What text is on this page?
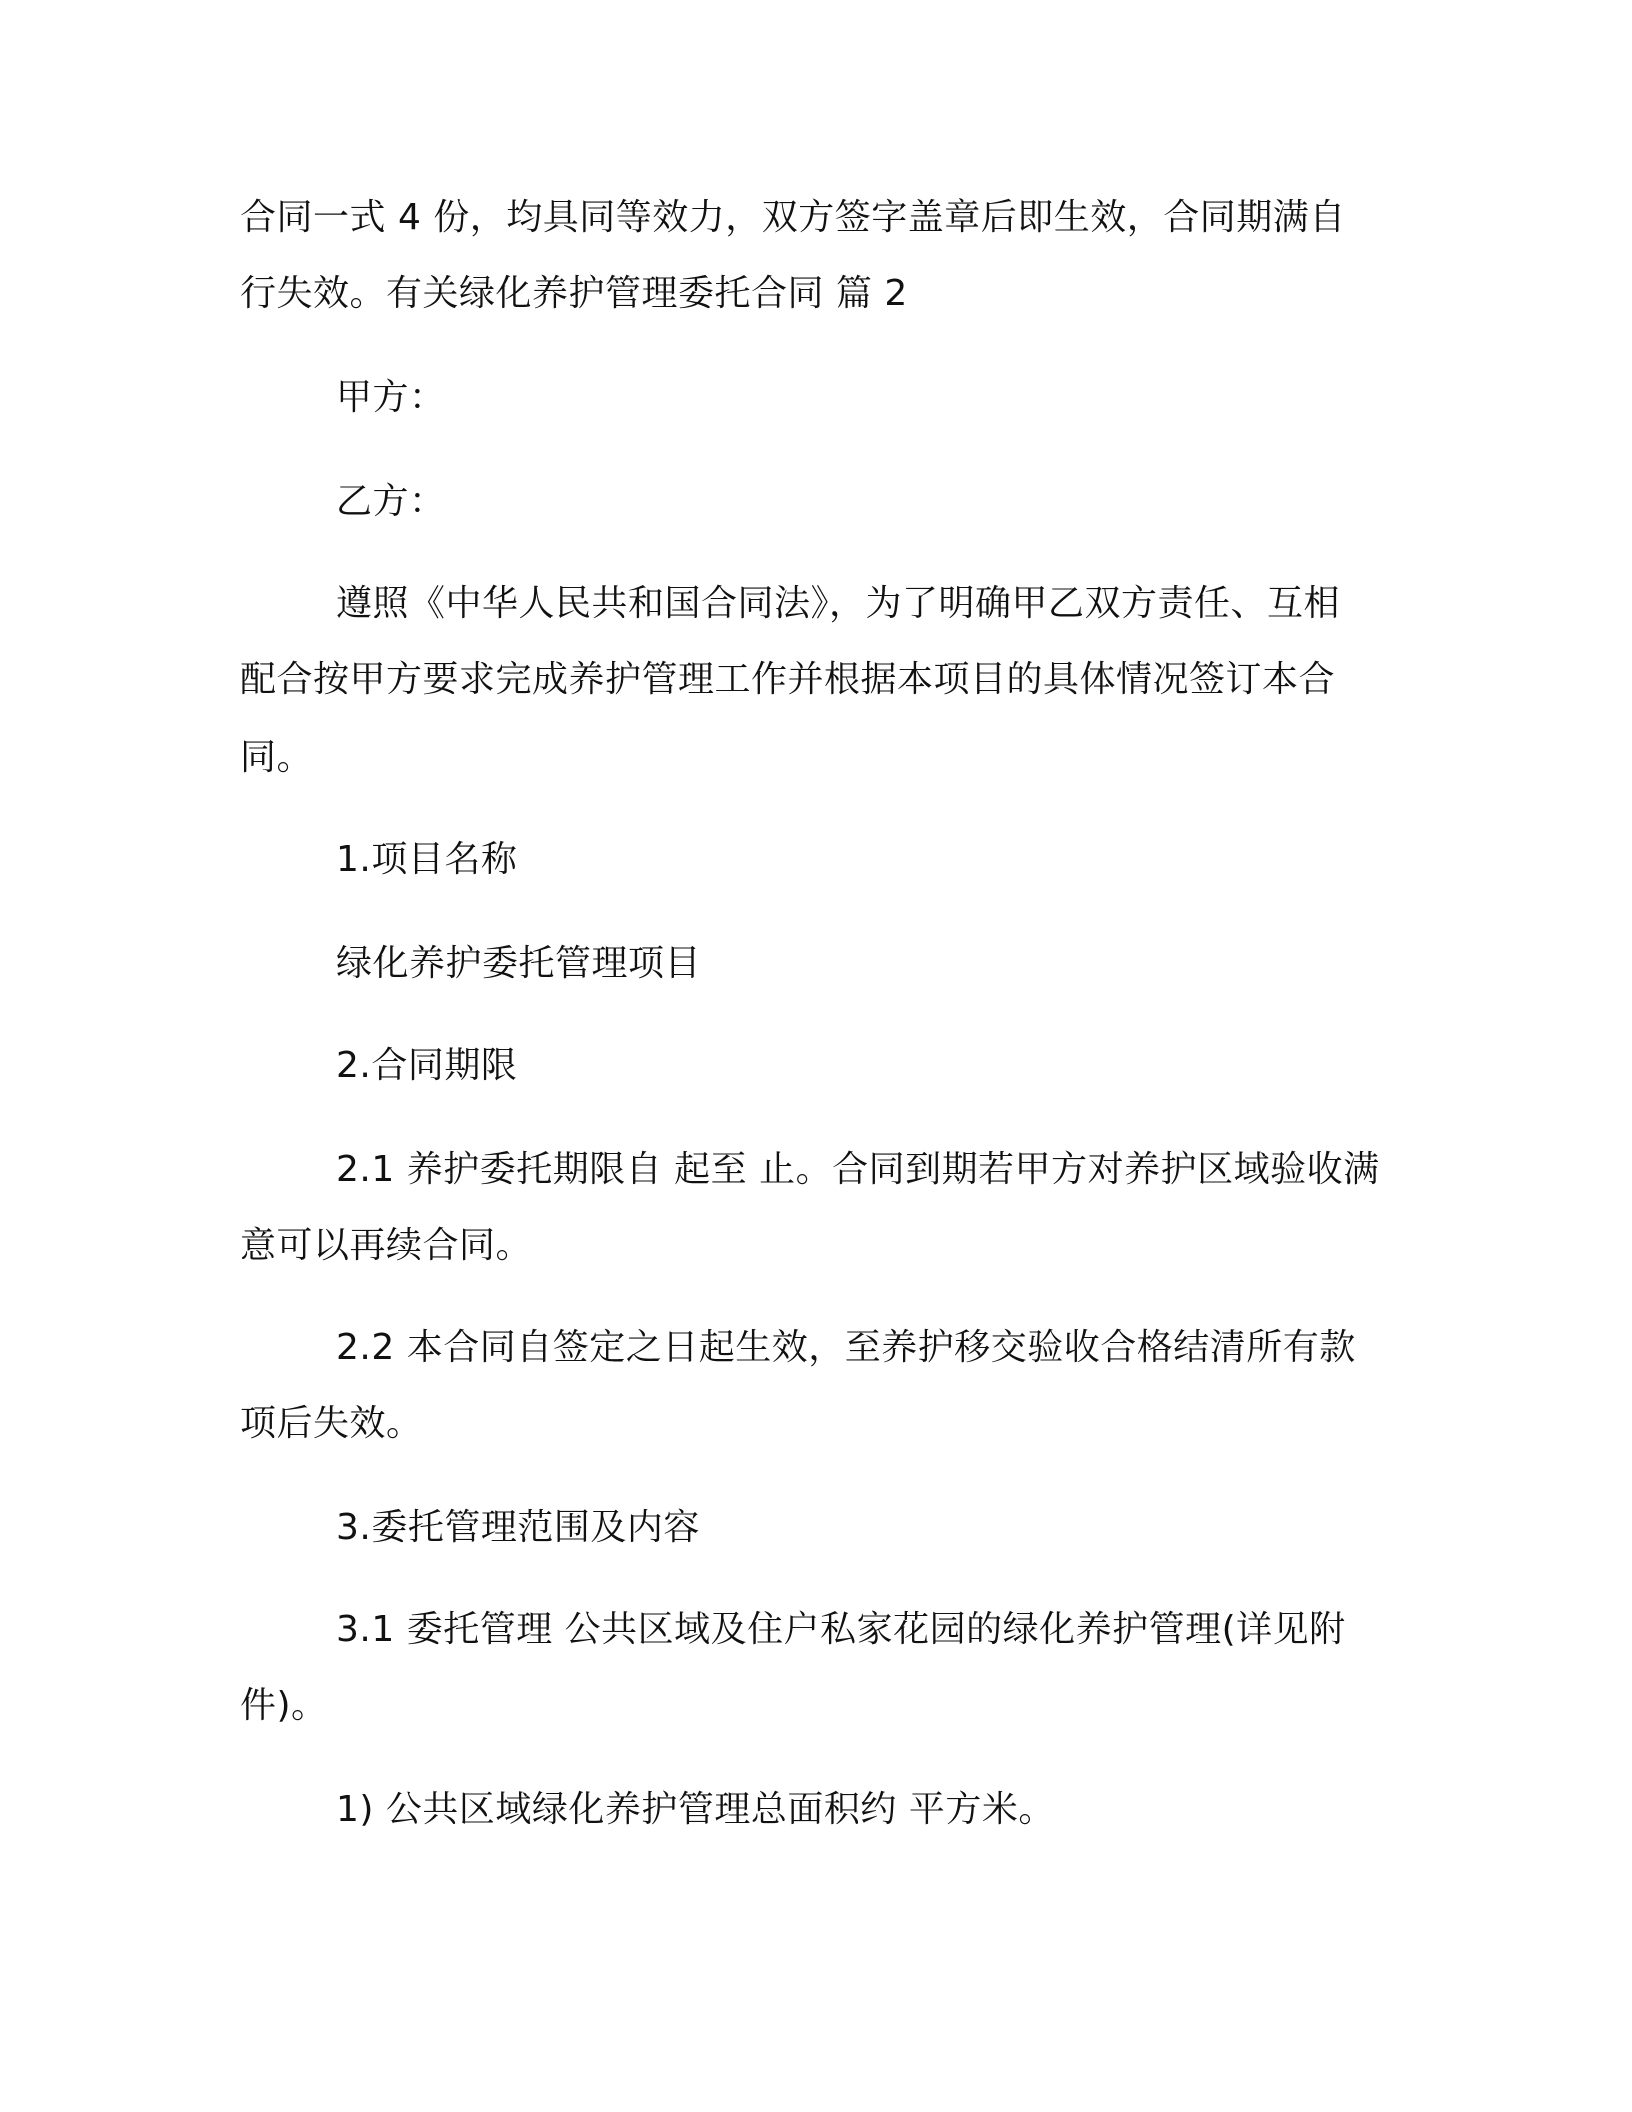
合同一式 4 份，均具同等效力，双方签字盖章后即生效，合同期满自
行失效。有关绿化养护管理委托合同 篇 2
甲方：
乙方：
遵照《中华人民共和国合同法》，为了明确甲乙双方责任、互相
配合按甲方要求完成养护管理工作并根据本项目的具体情况签订本合
同。
1.项目名称
绿化养护委托管理项目
2.合同期限
2.1 养护委托期限自 起至 止。合同到期若甲方对养护区域验收满
意可以再续合同。
2.2 本合同自签定之日起生效，至养护移交验收合格结清所有款
项后失效。
3.委托管理范围及内容
3.1 委托管理 公共区域及住户私家花园的绿化养护管理(详见附
件)。
1) 公共区域绿化养护管理总面积约 平方米。
